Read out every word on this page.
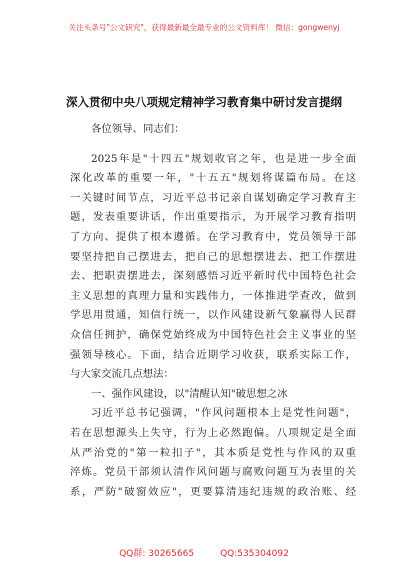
关注头条号"公文研究"，获得最新最全最专业的公文资料库！ 微信：gongwenyj
深入贯彻中央八项规定精神学习教育集中研讨发言提纲
各位领导、同志们：
2025年是"十四五"规划收官之年，也是进一步全面
深化改革的重要一年，"十五五"规划将谋篇布局。在这
一关键时间节点，习近平总书记亲自谋划确定学习教育主
题，发表重要讲话，作出重要指示，为开展学习教育指明
了方向、提供了根本遵循。在学习教育中，党员领导干部
要坚持把自己摆进去，把自己的思想摆进去、把工作摆进
去、把职责摆进去，深刻感悟习近平新时代中国特色社会
主义思想的真理力量和实践伟力，一体推进学查改，做到
学思用贯通，知信行统一，以作风建设新气象赢得人民群
众信任拥护，确保党始终成为中国特色社会主义事业的坚
强领导核心。下面，结合近期学习收获，联系实际工作，
与大家交流几点想法：
一、强作风建设，以"清醒认知"破思想之冰
习近平总书记强调，"作风问题根本上是党性问题"，
若在思想源头上失守，行为上必然跑偏。八项规定是全面
从严治党的"第一粒扣子"，其本质是党性与作风的双重
淬炼。党员干部须认清作风问题与腐败问题互为表里的关
系，严防"破窗效应"，更要算清违纪违规的政治账、经
QQ群: 30265665	QQ:535304092
